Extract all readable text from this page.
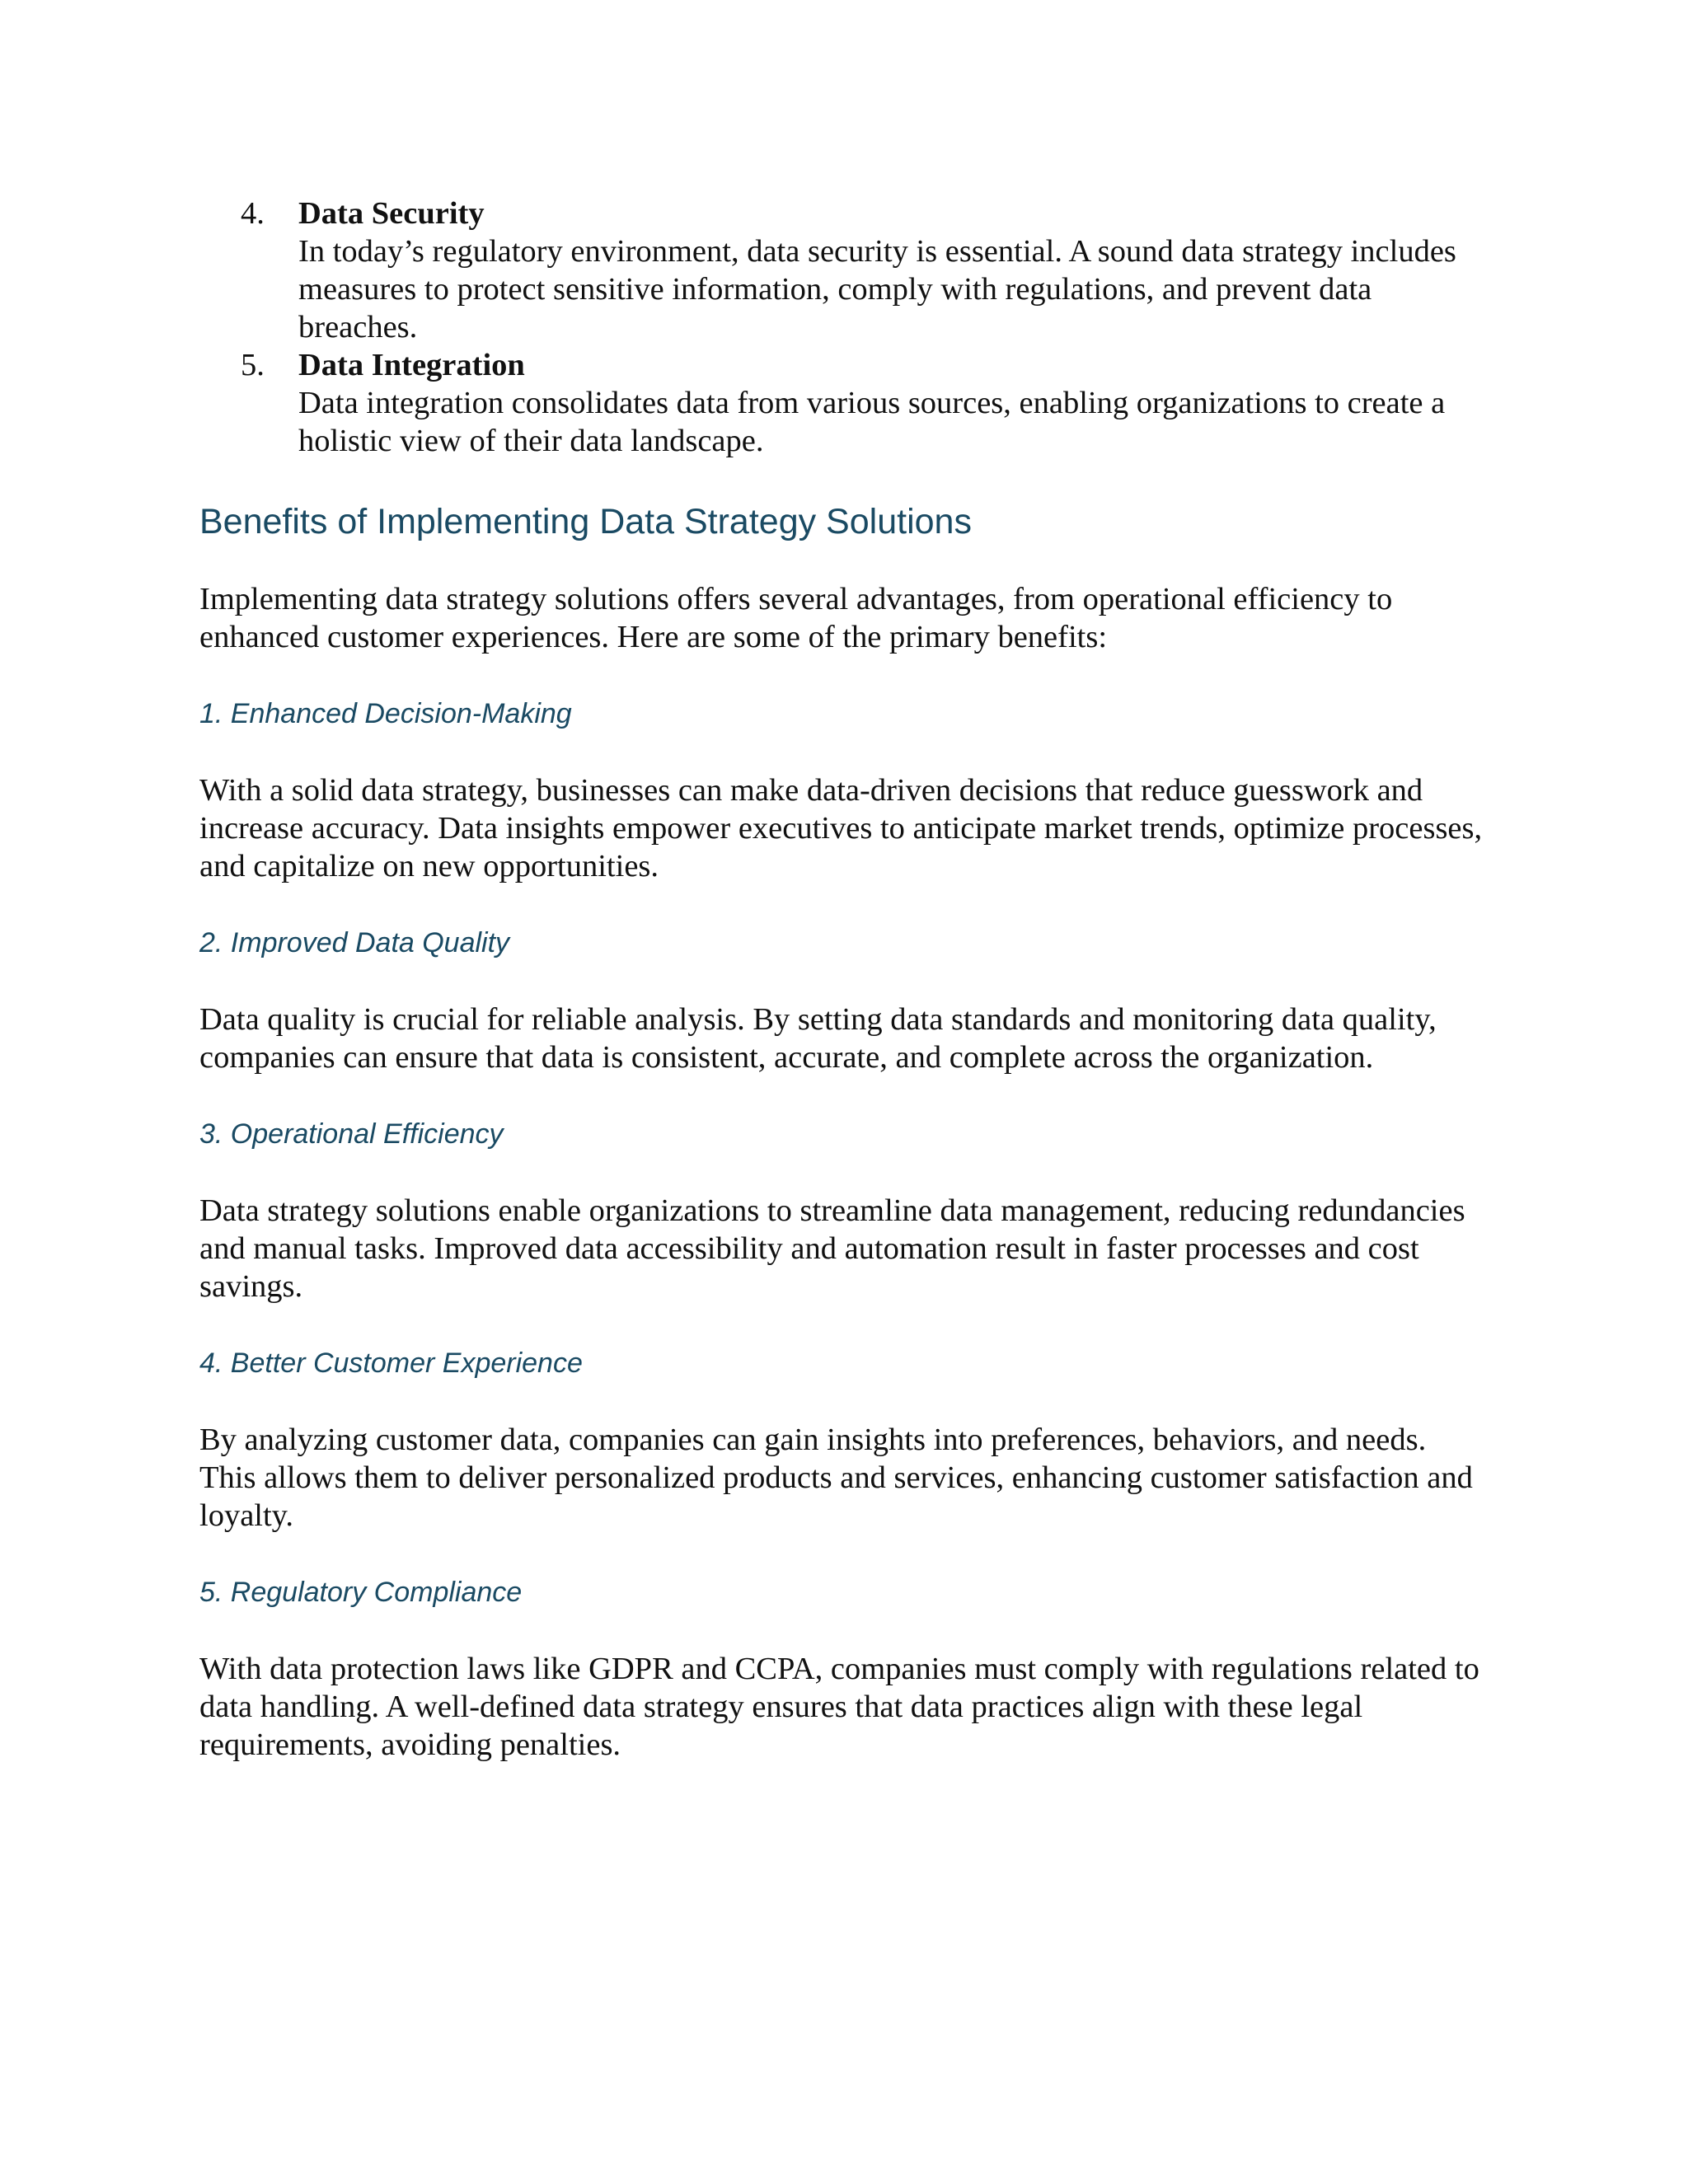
4.	Data Security
In today’s regulatory environment, data security is essential. A sound data strategy includes measures to protect sensitive information, comply with regulations, and prevent data breaches.
5.	Data Integration
Data integration consolidates data from various sources, enabling organizations to create a holistic view of their data landscape.
Benefits of Implementing Data Strategy Solutions
Implementing data strategy solutions offers several advantages, from operational efficiency to enhanced customer experiences. Here are some of the primary benefits:
1. Enhanced Decision-Making
With a solid data strategy, businesses can make data-driven decisions that reduce guesswork and increase accuracy. Data insights empower executives to anticipate market trends, optimize processes, and capitalize on new opportunities.
2. Improved Data Quality
Data quality is crucial for reliable analysis. By setting data standards and monitoring data quality, companies can ensure that data is consistent, accurate, and complete across the organization.
3. Operational Efficiency
Data strategy solutions enable organizations to streamline data management, reducing redundancies and manual tasks. Improved data accessibility and automation result in faster processes and cost savings.
4. Better Customer Experience
By analyzing customer data, companies can gain insights into preferences, behaviors, and needs. This allows them to deliver personalized products and services, enhancing customer satisfaction and loyalty.
5. Regulatory Compliance
With data protection laws like GDPR and CCPA, companies must comply with regulations related to data handling. A well-defined data strategy ensures that data practices align with these legal requirements, avoiding penalties.
